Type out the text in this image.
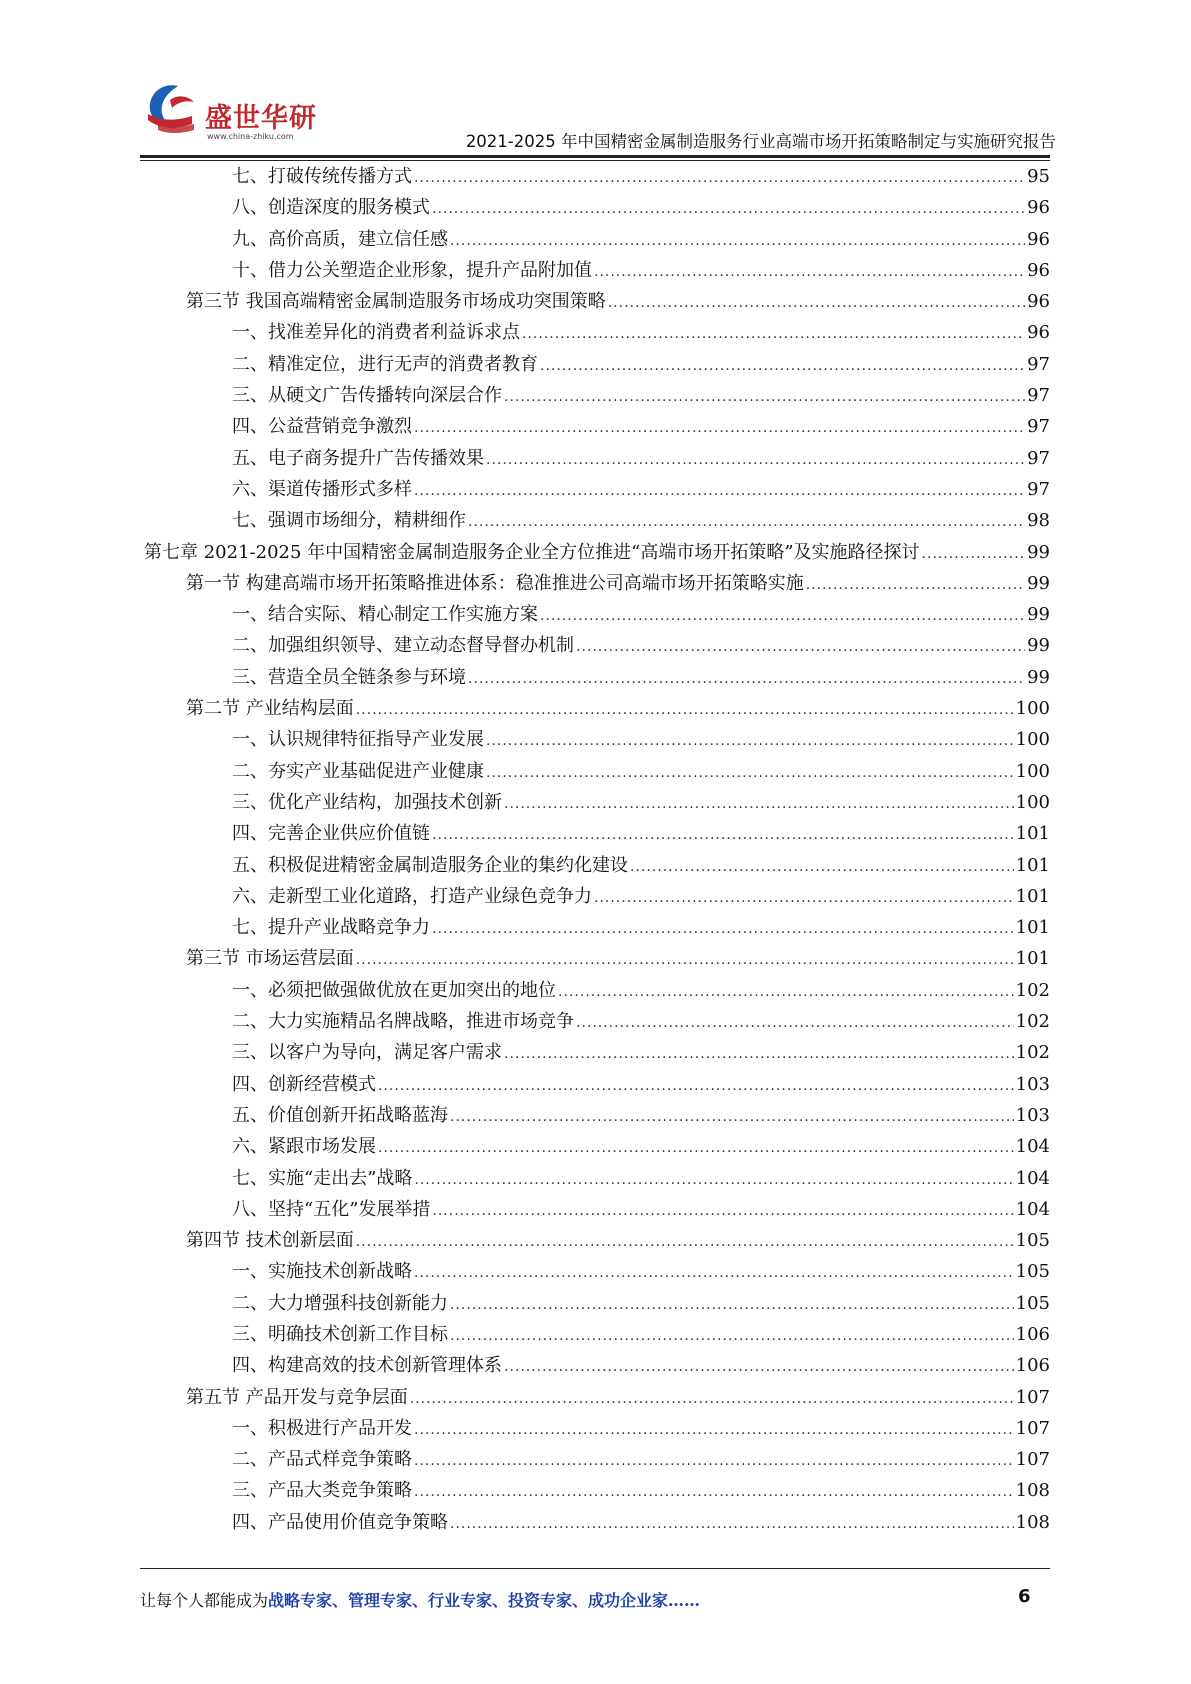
盛世华研
www.china-zhiku.com	2021-2025 年中国精密金属制造服务行业高端市场开拓策略制定与实施研究报告
七、打破传统传播方式 .....	95
八、创造深度的服务模式 .....	96
九、高价高质，建立信任感 .....	96
十、借力公关塑造企业形象，提升产品附加值 .....	96
第三节 我国高端精密金属制造服务市场成功突围策略 .....	96
一、找准差异化的消费者利益诉求点 .....	96
二、精准定位，进行无声的消费者教育 .....	97
三、从硬文广告传播转向深层合作 .....	97
四、公益营销竞争激烈 .....	97
五、电子商务提升广告传播效果 .....	97
六、渠道传播形式多样 .....	97
七、强调市场细分，精耕细作 .....	98
第七章 2021-2025 年中国精密金属制造服务企业全方位推进“高端市场开拓策略”及实施路径探讨 .....	99
第一节 构建高端市场开拓策略推进体系：稳准推进公司高端市场开拓策略实施 .....	99
一、结合实际、精心制定工作实施方案 .....	99
二、加强组织领导、建立动态督导督办机制 .....	99
三、营造全员全链条参与环境 .....	99
第二节 产业结构层面 .....	100
一、认识规律特征指导产业发展 .....	100
二、夯实产业基础促进产业健康 .....	100
三、优化产业结构，加强技术创新 .....	100
四、完善企业供应价值链 .....	101
五、积极促进精密金属制造服务企业的集约化建设 .....	101
六、走新型工业化道路，打造产业绿色竞争力 .....	101
七、提升产业战略竞争力 .....	101
第三节 市场运营层面 .....	101
一、必须把做强做优放在更加突出的地位 .....	102
二、大力实施精品名牌战略，推进市场竞争 .....	102
三、以客户为导向，满足客户需求 .....	102
四、创新经营模式 .....	103
五、价值创新开拓战略蓝海 .....	103
六、紧跟市场发展 .....	104
七、实施“走出去”战略 .....	104
八、坚持“五化”发展举措 .....	104
第四节 技术创新层面 .....	105
一、实施技术创新战略 .....	105
二、大力增强科技创新能力 .....	105
三、明确技术创新工作目标 .....	106
四、构建高效的技术创新管理体系 .....	106
第五节 产品开发与竞争层面 .....	107
一、积极进行产品开发 .....	107
二、产品式样竞争策略 .....	107
三、产品大类竞争策略 .....	108
四、产品使用价值竞争策略 .....	108
让每个人都能成为战略专家、管理专家、行业专家、投资专家、成功企业家……	6
